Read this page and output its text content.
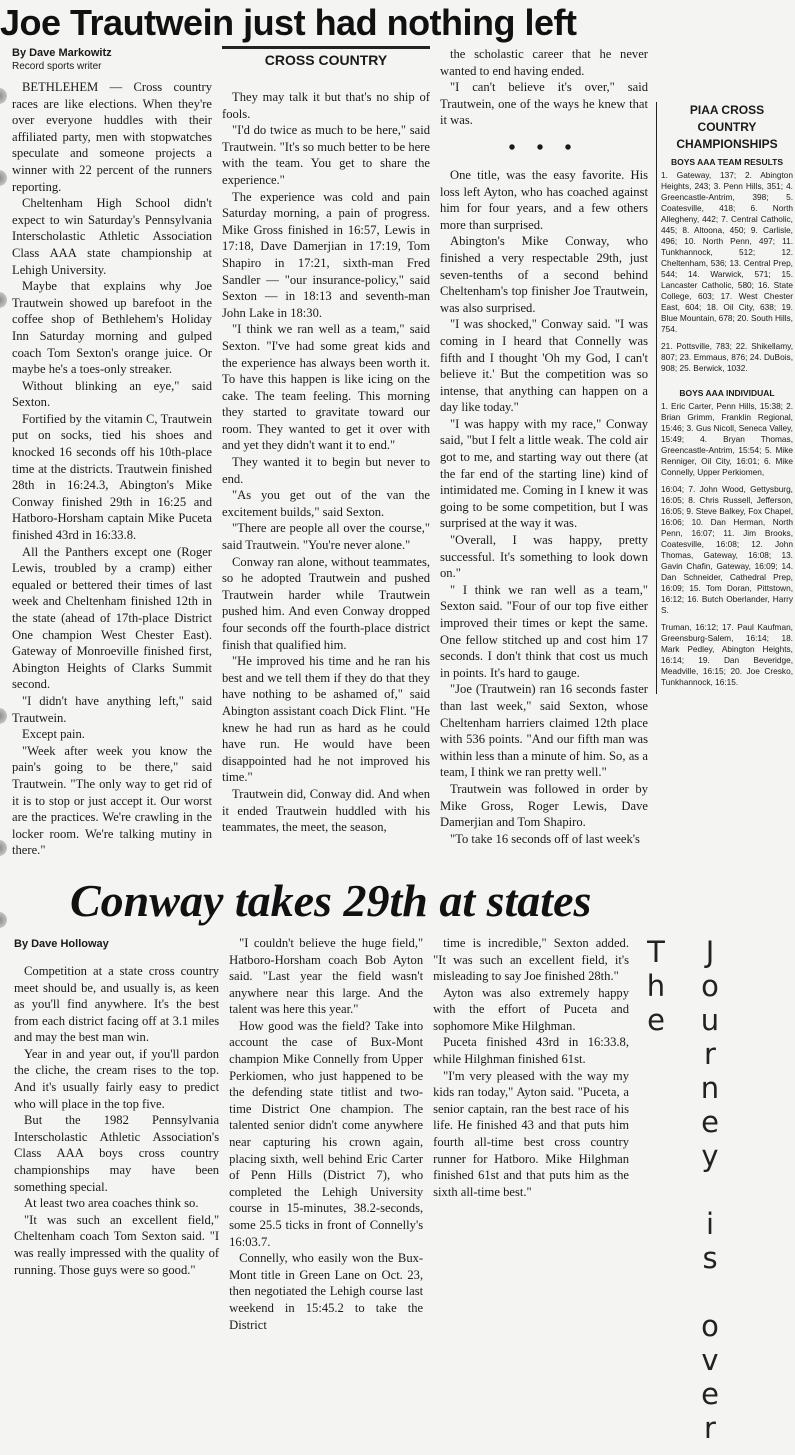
Joe Trautwein just had nothing left
By Dave Markowitz
Record sports writer

BETHLEHEM — Cross country races are like elections. When they're over everyone huddles with their affiliated party, men with stopwatches speculate and someone projects a winner with 22 percent of the runners reporting.

Cheltenham High School didn't expect to win Saturday's Pennsylvania Interscholastic Athletic Association Class AAA state championship at Lehigh University.

Maybe that explains why Joe Trautwein showed up barefoot in the coffee shop of Bethlehem's Holiday Inn Saturday morning and gulped coach Tom Sexton's orange juice. Or maybe he's a toes-only streaker.

Without blinking an eye," said Sexton.

Fortified by the vitamin C, Trautwein put on socks, tied his shoes and knocked 16 seconds off his 10th-place time at the districts. Trautwein finished 28th in 16:24.3, Abington's Mike Conway finished 29th in 16:25 and Hatboro-Horsham captain Mike Puceta finished 43rd in 16:33.8.

All the Panthers except one (Roger Lewis, troubled by a cramp) either equaled or bettered their times of last week and Cheltenham finished 12th in the state (ahead of 17th-place District One champion West Chester East). Gateway of Monroeville finished first, Abington Heights of Clarks Summit second.

"I didn't have anything left," said Trautwein.

Except pain.

"Week after week you know the pain's going to be there," said Trautwein. "The only way to get rid of it is to stop or just accept it. Our worst are the practices. We're crawling in the locker room. We're talking mutiny in there."

CROSS COUNTRY

They may talk it but that's no ship of fools.

"I'd do twice as much to be here," said Trautwein. "It's so much better to be here with the team. You get to share the experience."

The experience was cold and pain Saturday morning, a pain of progress. Mike Gross finished in 16:57, Lewis in 17:18, Dave Damerjian in 17:19, Tom Shapiro in 17:21, sixth-man Fred Sandler — "our insurance-policy," said Sexton — in 18:13 and seventh-man John Lake in 18:30.

"I think we ran well as a team," said Sexton. "I've had some great kids and the experience has always been worth it. To have this happen is like icing on the cake. The team feeling. This morning they started to gravitate toward our room. They wanted to get it over with and yet they didn't want it to end."

They wanted it to begin but never to end.

"As you get out of the van the excitement builds," said Sexton.

"There are people all over the course," said Trautwein. "You're never alone."

Conway ran alone, without teammates, so he adopted Trautwein and pushed Trautwein harder while Trautwein pushed him. And even Conway dropped four seconds off the fourth-place district finish that qualified him.

"He improved his time and he ran his best and we tell them if they do that they have nothing to be ashamed of," said Abington assistant coach Dick Flint. "He knew he had run as hard as he could have run. He would have been disappointed had he not improved his time."

Trautwein did, Conway did. And when it ended Trautwein huddled with his teammates, the meet, the season,

the scholastic career that he never wanted to end having ended.

"I can't believe it's over," said Trautwein, one of the ways he knew that it was.

• • •

One title, was the easy favorite. His loss left Ayton, who has coached against him for four years, and a few others more than surprised.

Abington's Mike Conway, who finished a very respectable 29th, just seven-tenths of a second behind Cheltenham's top finisher Joe Trautwein, was also surprised.

"I was shocked," Conway said. "I was coming in I heard that Connelly was fifth and I thought 'Oh my God, I can't believe it.' But the competition was so intense, that anything can happen on a day like today."

"I was happy with my race," Conway said, "but I felt a little weak. The cold air got to me, and starting way out there (at the far end of the starting line) kind of intimidated me. Coming in I knew it was going to be some competition, but I was surprised at the way it was.

"Overall, I was happy, pretty successful. It's something to look down on."

" I think we ran well as a team," Sexton said. "Four of our top five either improved their times or kept the same. One fellow stitched up and cost him 17 seconds. I don't think that cost us much in points. It's hard to gauge.

"Joe (Trautwein) ran 16 seconds faster than last week," said Sexton, whose Cheltenham harriers claimed 12th place with 536 points. "And our fifth man was within less than a minute of him. So, as a team, I think we ran pretty well."

Trautwein was followed in order by Mike Gross, Roger Lewis, Dave Damerjian and Tom Shapiro.

"To take 16 seconds off of last week's

PIAA CROSS COUNTRY CHAMPIONSHIPS
BOYS AAA TEAM RESULTS

1. Gateway, 137; 2. Abington Heights, 243; 3. Penn Hills, 351; 4. Greencastle-Antrim, 398; 5. Coatesville, 418; 6. North Allegheny, 442; 7. Central Catholic, 445; 8. Altoona, 450; 9. Carlisle, 496; 10. North Penn, 497; 11. Tunkhannock, 512; 12. Cheltenham, 536; 13. Central Prep, 544; 14. Warwick, 571; 15. Lancaster Catholic, 580; 16. State College, 603; 17. West Chester East, 604; 18. Oil City, 638; 19. Blue Mountain, 678; 20. South Hills, 754.

21. Pottsville, 783; 22. Shikellamy, 807; 23. Emmaus, 876; 24. DuBois, 908; 25. Berwick, 1032.

BOYS AAA INDIVIDUAL

1. Eric Carter, Penn Hills, 15:38; 2. Brian Grimm, Franklin Regional, 15:46; 3. Gus Nicoll, Seneca Valley, 15:49; 4. Bryan Thomas, Greencastle-Antrim, 15:54; 5. Mike Renniger, Oil City, 16:01; 6. Mike Connelly, Upper Perkiomen,

16:04; 7. John Wood, Gettysburg, 16:05; 8. Chris Russell, Jefferson, 16:05; 9. Steve Balkey, Fox Chapel, 16:06; 10. Dan Herman, North Penn, 16:07; 11. Jim Brooks, Coatesville, 16:08; 12. John Thomas, Gateway, 16:08; 13. Gavin Chafin, Gateway, 16:09; 14. Dan Schneider, Cathedral Prep, 16:09; 15. Tom Doran, Pittstown, 16:12; 16. Butch Oberlander, Harry S.

Truman, 16:12; 17. Paul Kaufman, Greensburg-Salem, 16:14; 18. Mark Pedley, Abington Heights, 16:14; 19. Dan Beveridge, Meadville, 16:15; 20. Joe Cresko, Tunkhannock, 16:15.

Conway takes 29th at states
By Dave Holloway

Competition at a state cross country meet should be, and usually is, as keen as you'll find anywhere. It's the best from each district facing off at 3.1 miles and may the best man win.

Year in and year out, if you'll pardon the cliche, the cream rises to the top. And it's usually fairly easy to predict who will place in the top five.

But the 1982 Pennsylvania Interscholastic Athletic Association's Class AAA boys cross country championships may have been something special.

At least two area coaches think so.

"It was such an excellent field," Cheltenham coach Tom Sexton said. "I was really impressed with the quality of running. Those guys were so good."

"I couldn't believe the huge field," Hatboro-Horsham coach Bob Ayton said. "Last year the field wasn't anywhere near this large. And the talent was here this year."

How good was the field? Take into account the case of Bux-Mont champion Mike Connelly from Upper Perkiomen, who just happened to be the defending state titlist and two-time District One champion. The talented senior didn't come anywhere near capturing his crown again, placing sixth, well behind Eric Carter of Penn Hills (District 7), who completed the Lehigh University course in 15-minutes, 38.2-seconds, some 25.5 ticks in front of Connelly's 16:03.7.

Connelly, who easily won the Bux-Mont title in Green Lane on Oct. 23, then negotiated the Lehigh course last weekend in 15:45.2 to take the District

time is incredible," Sexton added. "It was such an excellent field, it's misleading to say Joe finished 28th."

Ayton was also extremely happy with the effort of Puceta and sophomore Mike Hilghman.

Puceta finished 43rd in 16:33.8, while Hilghman finished 61st.

"I'm very pleased with the way my kids ran today," Ayton said. "Puceta, a senior captain, ran the best race of his life. He finished 43 and that puts him fourth all-time best cross country runner for Hatboro. Mike Hilghman finished 61st and that puts him as the sixth all-time best."

The Journey is over
